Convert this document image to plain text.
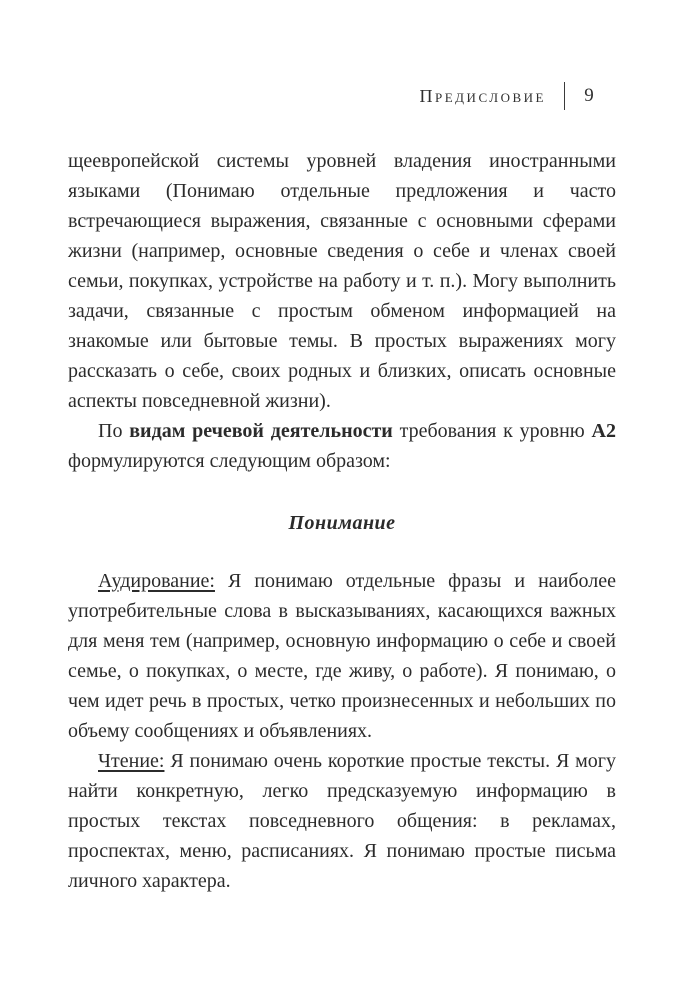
Предисловие 9

щеевропейской системы уровней владения иностранными языками (Понимаю отдельные предложения и часто встречающиеся выражения, связанные с основными сферами жизни (например, основные сведения о себе и членах своей семьи, покупках, устройстве на работу и т. п.). Могу выполнить задачи, связанные с простым обменом информацией на знакомые или бытовые темы. В простых выражениях могу рассказать о себе, своих родных и близких, описать основные аспекты повседневной жизни).

По видам речевой деятельности требования к уровню А2 формулируются следующим образом:

Понимание

Аудирование: Я понимаю отдельные фразы и наиболее употребительные слова в высказываниях, касающихся важных для меня тем (например, основную информацию о себе и своей семье, о покупках, о месте, где живу, о работе). Я понимаю, о чем идет речь в простых, четко произнесенных и небольших по объему сообщениях и объявлениях.

Чтение: Я понимаю очень короткие простые тексты. Я могу найти конкретную, легко предсказуемую информацию в простых текстах повседневного общения: в рекламах, проспектах, меню, расписаниях. Я понимаю простые письма личного характера.
